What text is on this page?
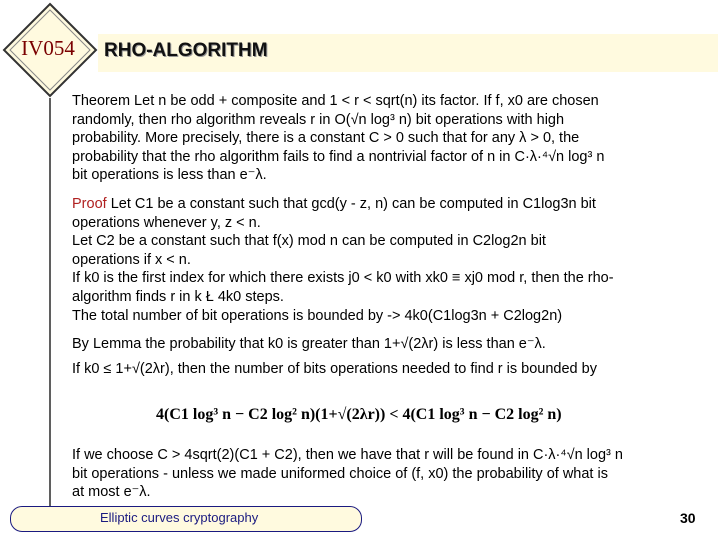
IV054	RHO-ALGORITHM

Theorem Let n be odd + composite and 1 < r < sqrt(n) its factor. If f, x0 are chosen

randomly, then rho algorithm reveals r in O(√n log³ n) bit operations with high

probability. More precisely, there is a constant C > 0 such that for any λ > 0, the

probability that the rho algorithm fails to find a nontrivial factor of n in C·λ·⁴√n log³ n

bit operations is less than e⁻λ.

Proof Let C1 be a constant such that gcd(y - z, n) can be computed in C1log3n bit

operations whenever y, z < n.

Let C2 be a constant such that f(x) mod n can be computed in C2log2n bit

operations if x < n.

If k0 is the first index for which there exists j0 < k0 with xk0 ≡ xj0 mod r, then the rho-

algorithm finds r in k Ł 4k0 steps.

The total number of bit operations is bounded by -> 4k0(C1log3n + C2log2n)

By Lemma the probability that k0 is greater than 1+√(2λr) is less than e⁻λ.

If k0 ≤ 1+√(2λr), then the number of bits operations needed to find r is bounded by

4(C1 log³ n − C2 log² n)(1+√(2λr)) < 4(C1 log³ n − C2 log² n)

If we choose C > 4sqrt(2)(C1 + C2), then we have that r will be found in C·λ·⁴√n log³ n

bit operations - unless we made uniformed choice of (f, x0) the probability of what is

at most e⁻λ.

Elliptic curves cryptography	30
